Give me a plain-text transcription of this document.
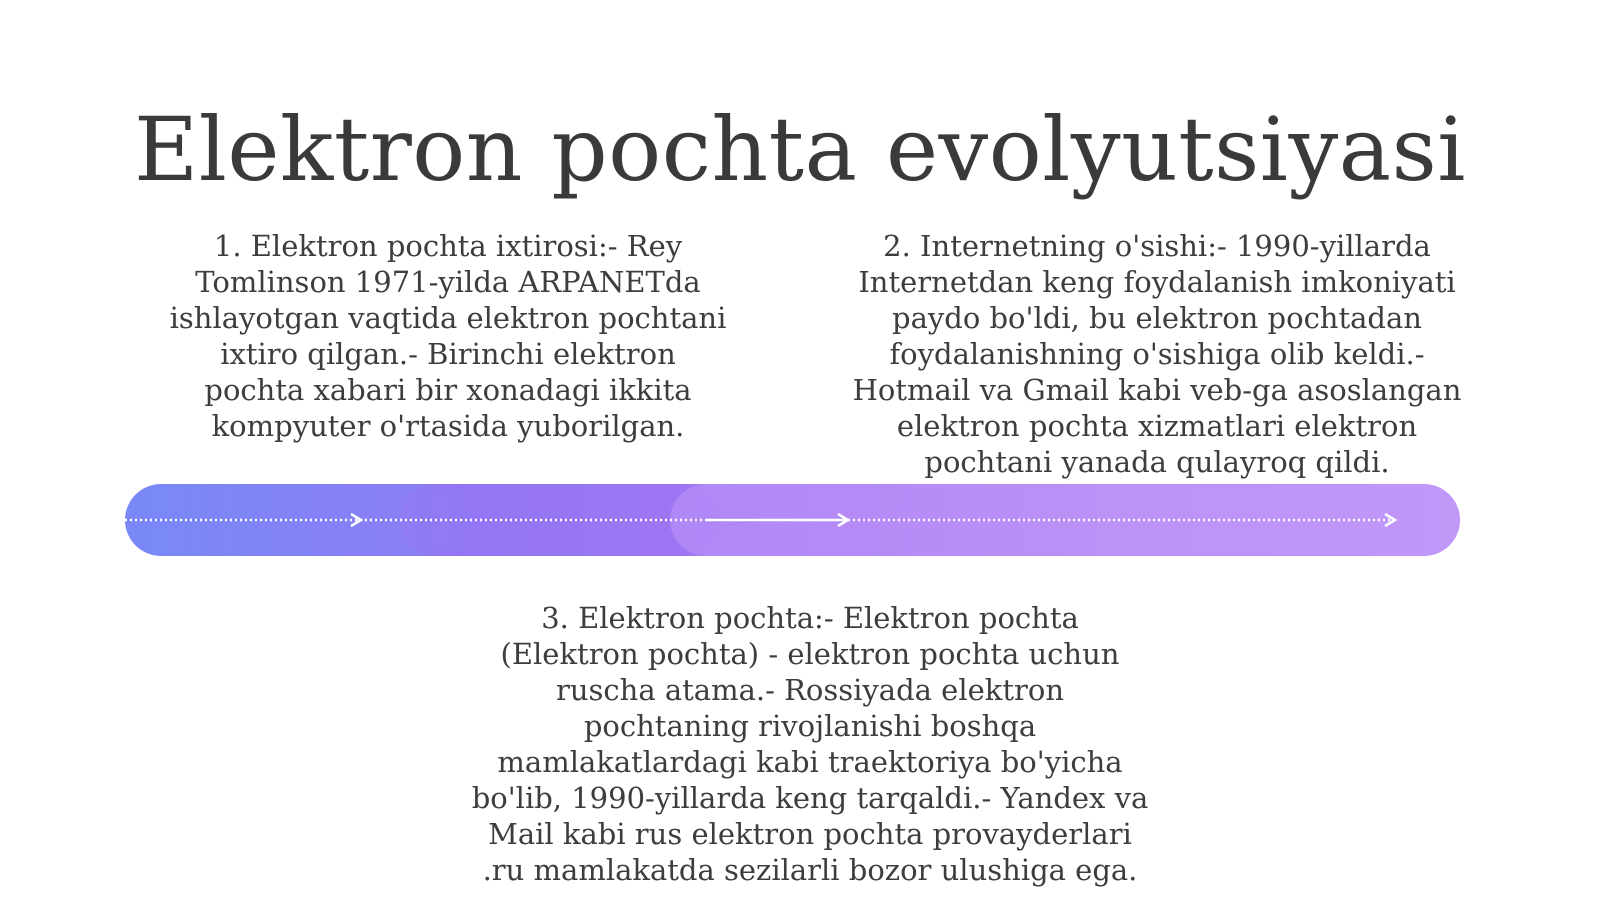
Elektron pochta evolyutsiyasi
1. Elektron pochta ixtirosi:- Rey Tomlinson 1971-yilda ARPANETda ishlayotgan vaqtida elektron pochtani ixtiro qilgan.- Birinchi elektron pochta xabari bir xonadagi ikkita kompyuter o'rtasida yuborilgan.
2. Internetning o'sishi:- 1990-yillarda Internetdan keng foydalanish imkoniyati paydo bo'ldi, bu elektron pochtadan foydalanishning o'sishiga olib keldi.- Hotmail va Gmail kabi veb-ga asoslangan elektron pochta xizmatlari elektron pochtani yanada qulayroq qildi.
3. Elektron pochta:- Elektron pochta (Elektron pochta) - elektron pochta uchun ruscha atama.- Rossiyada elektron pochtaning rivojlanishi boshqa mamlakatlardagi kabi traektoriya bo'yicha bo'lib, 1990-yillarda keng tarqaldi.- Yandex va Mail kabi rus elektron pochta provayderlari .ru mamlakatda sezilarli bozor ulushiga ega.
